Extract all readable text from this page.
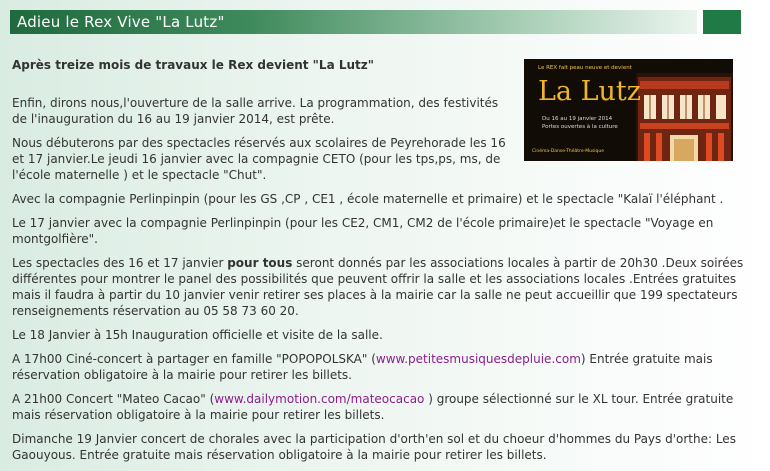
Adieu le Rex Vive "La Lutz"
Après treize mois de travaux le Rex devient "La Lutz"	Le REX fait peau neuve et devient
La Lutz
Du 16 au 19 janvier 2014
Portes ouvertes à la culture
Cinéma-Danse-Théâtre-Musique

Enfin, dirons nous,l'ouverture de la salle arrive. La programmation, des festivités de l'inauguration du 16 au 19 janvier 2014, est prête.

Nous débuterons par des spectacles réservés aux scolaires de Peyrehorade les 16 et 17 janvier.Le jeudi 16 janvier avec la compagnie CETO (pour les tps,ps, ms, de l'école maternelle ) et le spectacle "Chut".

Avec la compagnie Perlinpinpin (pour les GS ,CP , CE1 , école maternelle et primaire) et le spectacle "Kalaï l'éléphant .

Le 17 janvier avec la compagnie Perlinpinpin (pour les CE2, CM1, CM2 de l'école primaire)et le spectacle "Voyage en montgolfière".

Les spectacles des 16 et 17 janvier pour tous seront donnés par les associations locales à partir de 20h30 .Deux soirées différentes pour montrer le panel des possibilités que peuvent offrir la salle et les associations locales .Entrées gratuites mais il faudra à partir du 10 janvier venir retirer ses places à la mairie car la salle ne peut accueillir que 199 spectateurs renseignements réservation au 05 58 73 60 20.

Le 18 Janvier à 15h Inauguration officielle et visite de la salle.

A 17h00 Ciné-concert à partager en famille "POPOPOLSKA" (www.petitesmusiquesdepluie.com) Entrée gratuite mais réservation obligatoire à la mairie pour retirer les billets.

A 21h00 Concert "Mateo Cacao" (www.dailymotion.com/mateocacao ) groupe sélectionné sur le XL tour. Entrée gratuite mais réservation obligatoire à la mairie pour retirer les billets.

Dimanche 19 Janvier concert de chorales avec la participation d'orth'en sol et du choeur d'hommes du Pays d'orthe: Les Gaouyous. Entrée gratuite mais réservation obligatoire à la mairie pour retirer les billets.
